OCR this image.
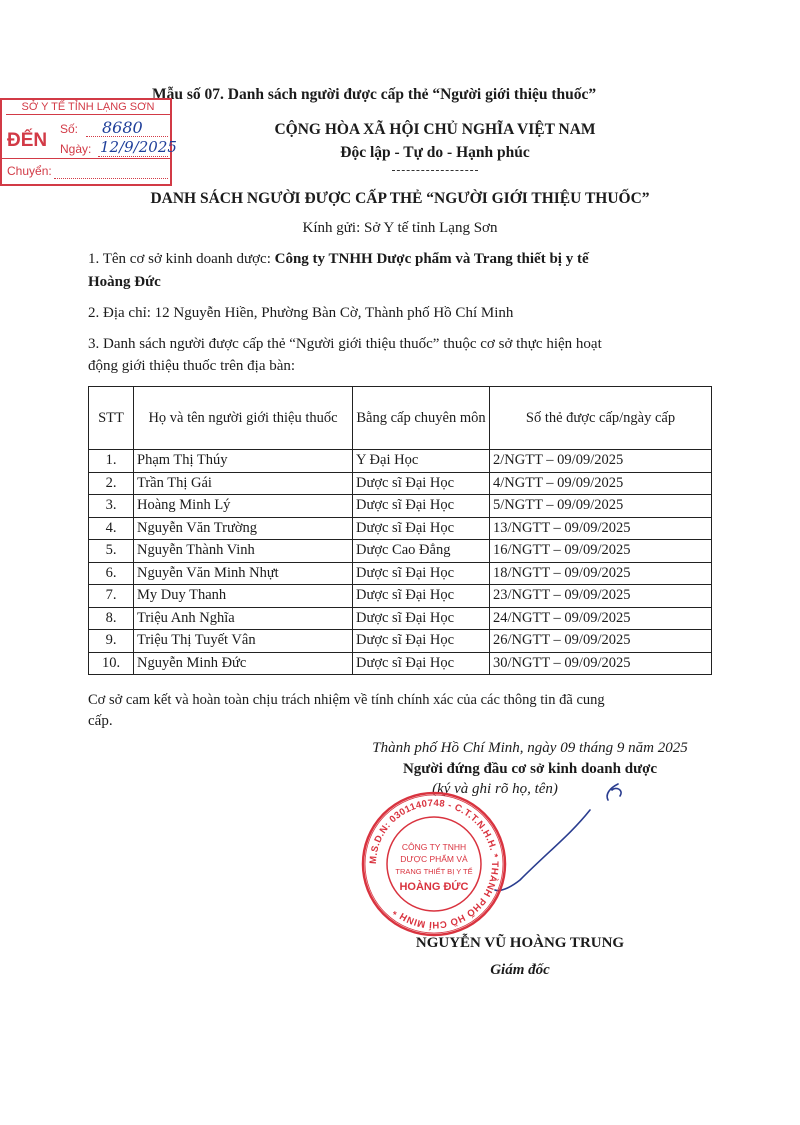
Mẫu số 07. Danh sách người được cấp thẻ “Người giới thiệu thuốc”
SỞ Y TẾ TỈNH LẠNG SƠN
ĐẾN
Số: 8680
Ngày: 12/9/2025
Chuyển:
CỘNG HÒA XÃ HỘI CHỦ NGHĨA VIỆT NAM
Độc lập - Tự do - Hạnh phúc
DANH SÁCH NGƯỜI ĐƯỢC CẤP THẺ “NGƯỜI GIỚI THIỆU THUỐC”
Kính gửi: Sở Y tế tỉnh Lạng Sơn
1. Tên cơ sở kinh doanh dược: Công ty TNHH Dược phẩm và Trang thiết bị y tế
Hoàng Đức
2. Địa chỉ: 12 Nguyễn Hiền, Phường Bàn Cờ, Thành phố Hồ Chí Minh
3. Danh sách người được cấp thẻ “Người giới thiệu thuốc” thuộc cơ sở thực hiện hoạt
động giới thiệu thuốc trên địa bàn:
STT	Họ và tên người giới thiệu thuốc	Bằng cấp chuyên môn	Số thẻ được cấp/ngày cấp
1.	Phạm Thị Thúy	Y Đại Học	2/NGTT – 09/09/2025
2.	Trần Thị Gái	Dược sĩ Đại Học	4/NGTT – 09/09/2025
3.	Hoàng Minh Lý	Dược sĩ Đại Học	5/NGTT – 09/09/2025
4.	Nguyễn Văn Trường	Dược sĩ Đại Học	13/NGTT – 09/09/2025
5.	Nguyễn Thành Vinh	Dược Cao Đẳng	16/NGTT – 09/09/2025
6.	Nguyễn Văn Minh Nhựt	Dược sĩ Đại Học	18/NGTT – 09/09/2025
7.	My Duy Thanh	Dược sĩ Đại Học	23/NGTT – 09/09/2025
8.	Triệu Anh Nghĩa	Dược sĩ Đại Học	24/NGTT – 09/09/2025
9.	Triệu Thị Tuyết Vân	Dược sĩ Đại Học	26/NGTT – 09/09/2025
10.	Nguyễn Minh Đức	Dược sĩ Đại Học	30/NGTT – 09/09/2025
Cơ sở cam kết và hoàn toàn chịu trách nhiệm về tính chính xác của các thông tin đã cung
cấp.
Thành phố Hồ Chí Minh, ngày 09 tháng 9 năm 2025
Người đứng đầu cơ sở kinh doanh dược
(ký và ghi rõ họ, tên)
M.S.D.N: 0301140748 - C.T.T.N.H.H. * THÀNH PHỐ HỒ CHÍ MINH *
CÔNG TY TNHH
DƯỢC PHẨM VÀ
TRANG THIẾT BỊ Y TẾ
HOÀNG ĐỨC
NGUYỄN VŨ HOÀNG TRUNG
Giám đốc
